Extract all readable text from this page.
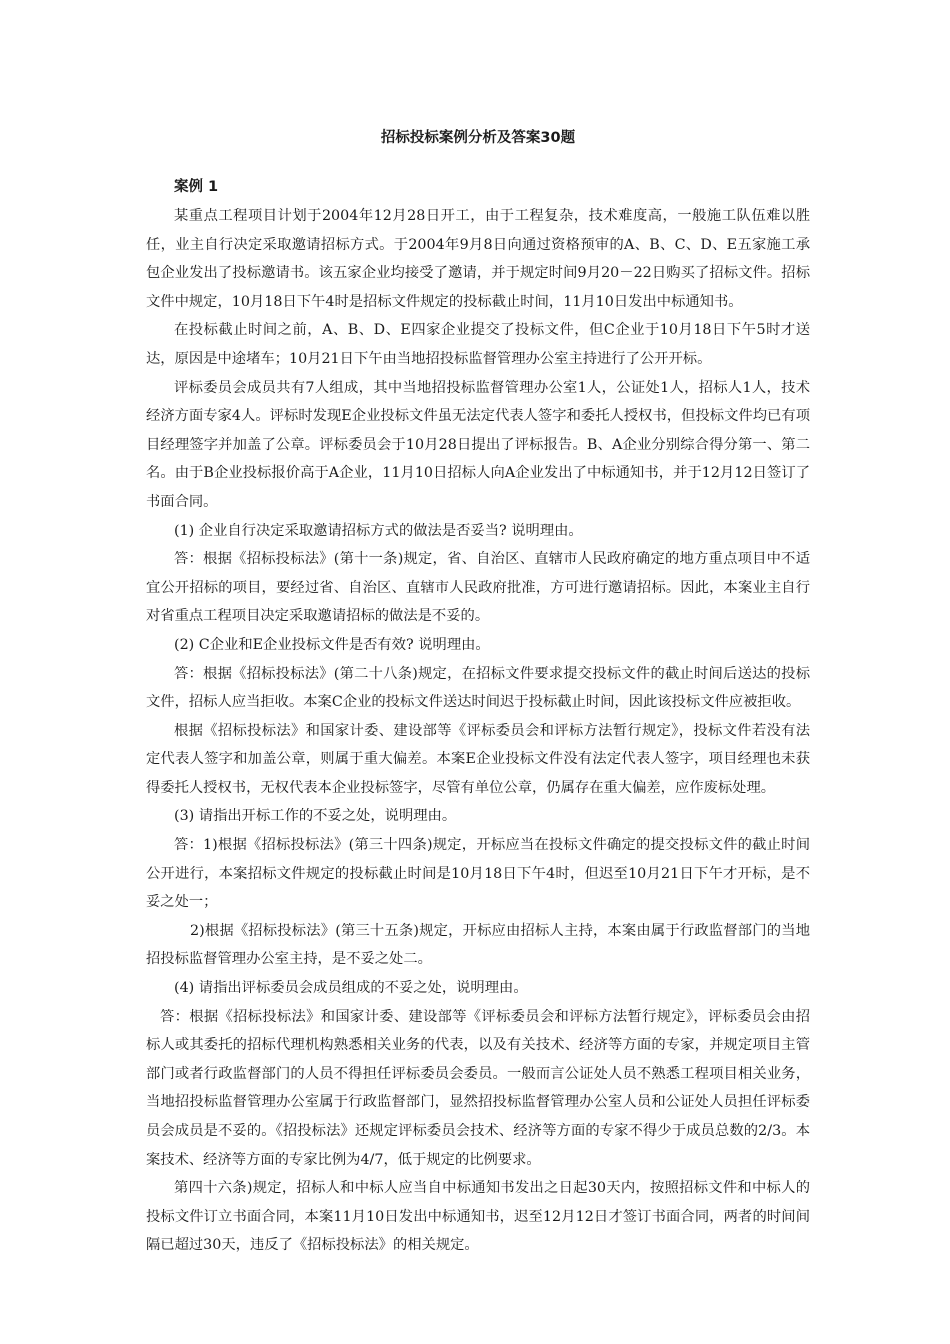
招标投标案例分析及答案30题
案例 1

某重点工程项目计划于2004年12月28日开工，由于工程复杂，技术难度高，一般施工队伍难以胜任，业主自行决定采取邀请招标方式。于2004年9月8日向通过资格预审的A、B、C、D、E五家施工承包企业发出了投标邀请书。该五家企业均接受了邀请，并于规定时间9月20－22日购买了招标文件。招标文件中规定，10月18日下午4时是招标文件规定的投标截止时间，11月10日发出中标通知书。

在投标截止时间之前，A、B、D、E四家企业提交了投标文件，但C企业于10月18日下午5时才送达，原因是中途堵车；10月21日下午由当地招投标监督管理办公室主持进行了公开开标。

评标委员会成员共有7人组成，其中当地招投标监督管理办公室1人，公证处1人，招标人1人，技术经济方面专家4人。评标时发现E企业投标文件虽无法定代表人签字和委托人授权书，但投标文件均已有项目经理签字并加盖了公章。评标委员会于10月28日提出了评标报告。B、A企业分别综合得分第一、第二名。由于B企业投标报价高于A企业，11月10日招标人向A企业发出了中标通知书，并于12月12日签订了书面合同。

(1) 企业自行决定采取邀请招标方式的做法是否妥当? 说明理由。

答：根据《招标投标法》(第十一条)规定，省、自治区、直辖市人民政府确定的地方重点项目中不适宜公开招标的项目，要经过省、自治区、直辖市人民政府批准，方可进行邀请招标。因此，本案业主自行对省重点工程项目决定采取邀请招标的做法是不妥的。

(2) C企业和E企业投标文件是否有效? 说明理由。

答：根据《招标投标法》(第二十八条)规定，在招标文件要求提交投标文件的截止时间后送达的投标文件，招标人应当拒收。本案C企业的投标文件送达时间迟于投标截止时间，因此该投标文件应被拒收。

根据《招标投标法》和国家计委、建设部等《评标委员会和评标方法暂行规定》，投标文件若没有法定代表人签字和加盖公章，则属于重大偏差。本案E企业投标文件没有法定代表人签字，项目经理也未获得委托人授权书，无权代表本企业投标签字，尽管有单位公章，仍属存在重大偏差，应作废标处理。

(3) 请指出开标工作的不妥之处，说明理由。

答：1)根据《招标投标法》(第三十四条)规定，开标应当在投标文件确定的提交投标文件的截止时间公开进行，本案招标文件规定的投标截止时间是10月18日下午4时，但迟至10月21日下午才开标，是不妥之处一；

2)根据《招标投标法》(第三十五条)规定，开标应由招标人主持，本案由属于行政监督部门的当地招投标监督管理办公室主持，是不妥之处二。

(4) 请指出评标委员会成员组成的不妥之处，说明理由。

答：根据《招标投标法》和国家计委、建设部等《评标委员会和评标方法暂行规定》，评标委员会由招标人或其委托的招标代理机构熟悉相关业务的代表，以及有关技术、经济等方面的专家，并规定项目主管部门或者行政监督部门的人员不得担任评标委员会委员。一般而言公证处人员不熟悉工程项目相关业务，当地招投标监督管理办公室属于行政监督部门，显然招投标监督管理办公室人员和公证处人员担任评标委员会成员是不妥的。《招投标法》还规定评标委员会技术、经济等方面的专家不得少于成员总数的2/3。本案技术、经济等方面的专家比例为4/7，低于规定的比例要求。

第四十六条)规定，招标人和中标人应当自中标通知书发出之日起30天内，按照招标文件和中标人的投标文件订立书面合同，本案11月10日发出中标通知书，迟至12月12日才签订书面合同，两者的时间间隔已超过30天，违反了《招标投标法》的相关规定。
